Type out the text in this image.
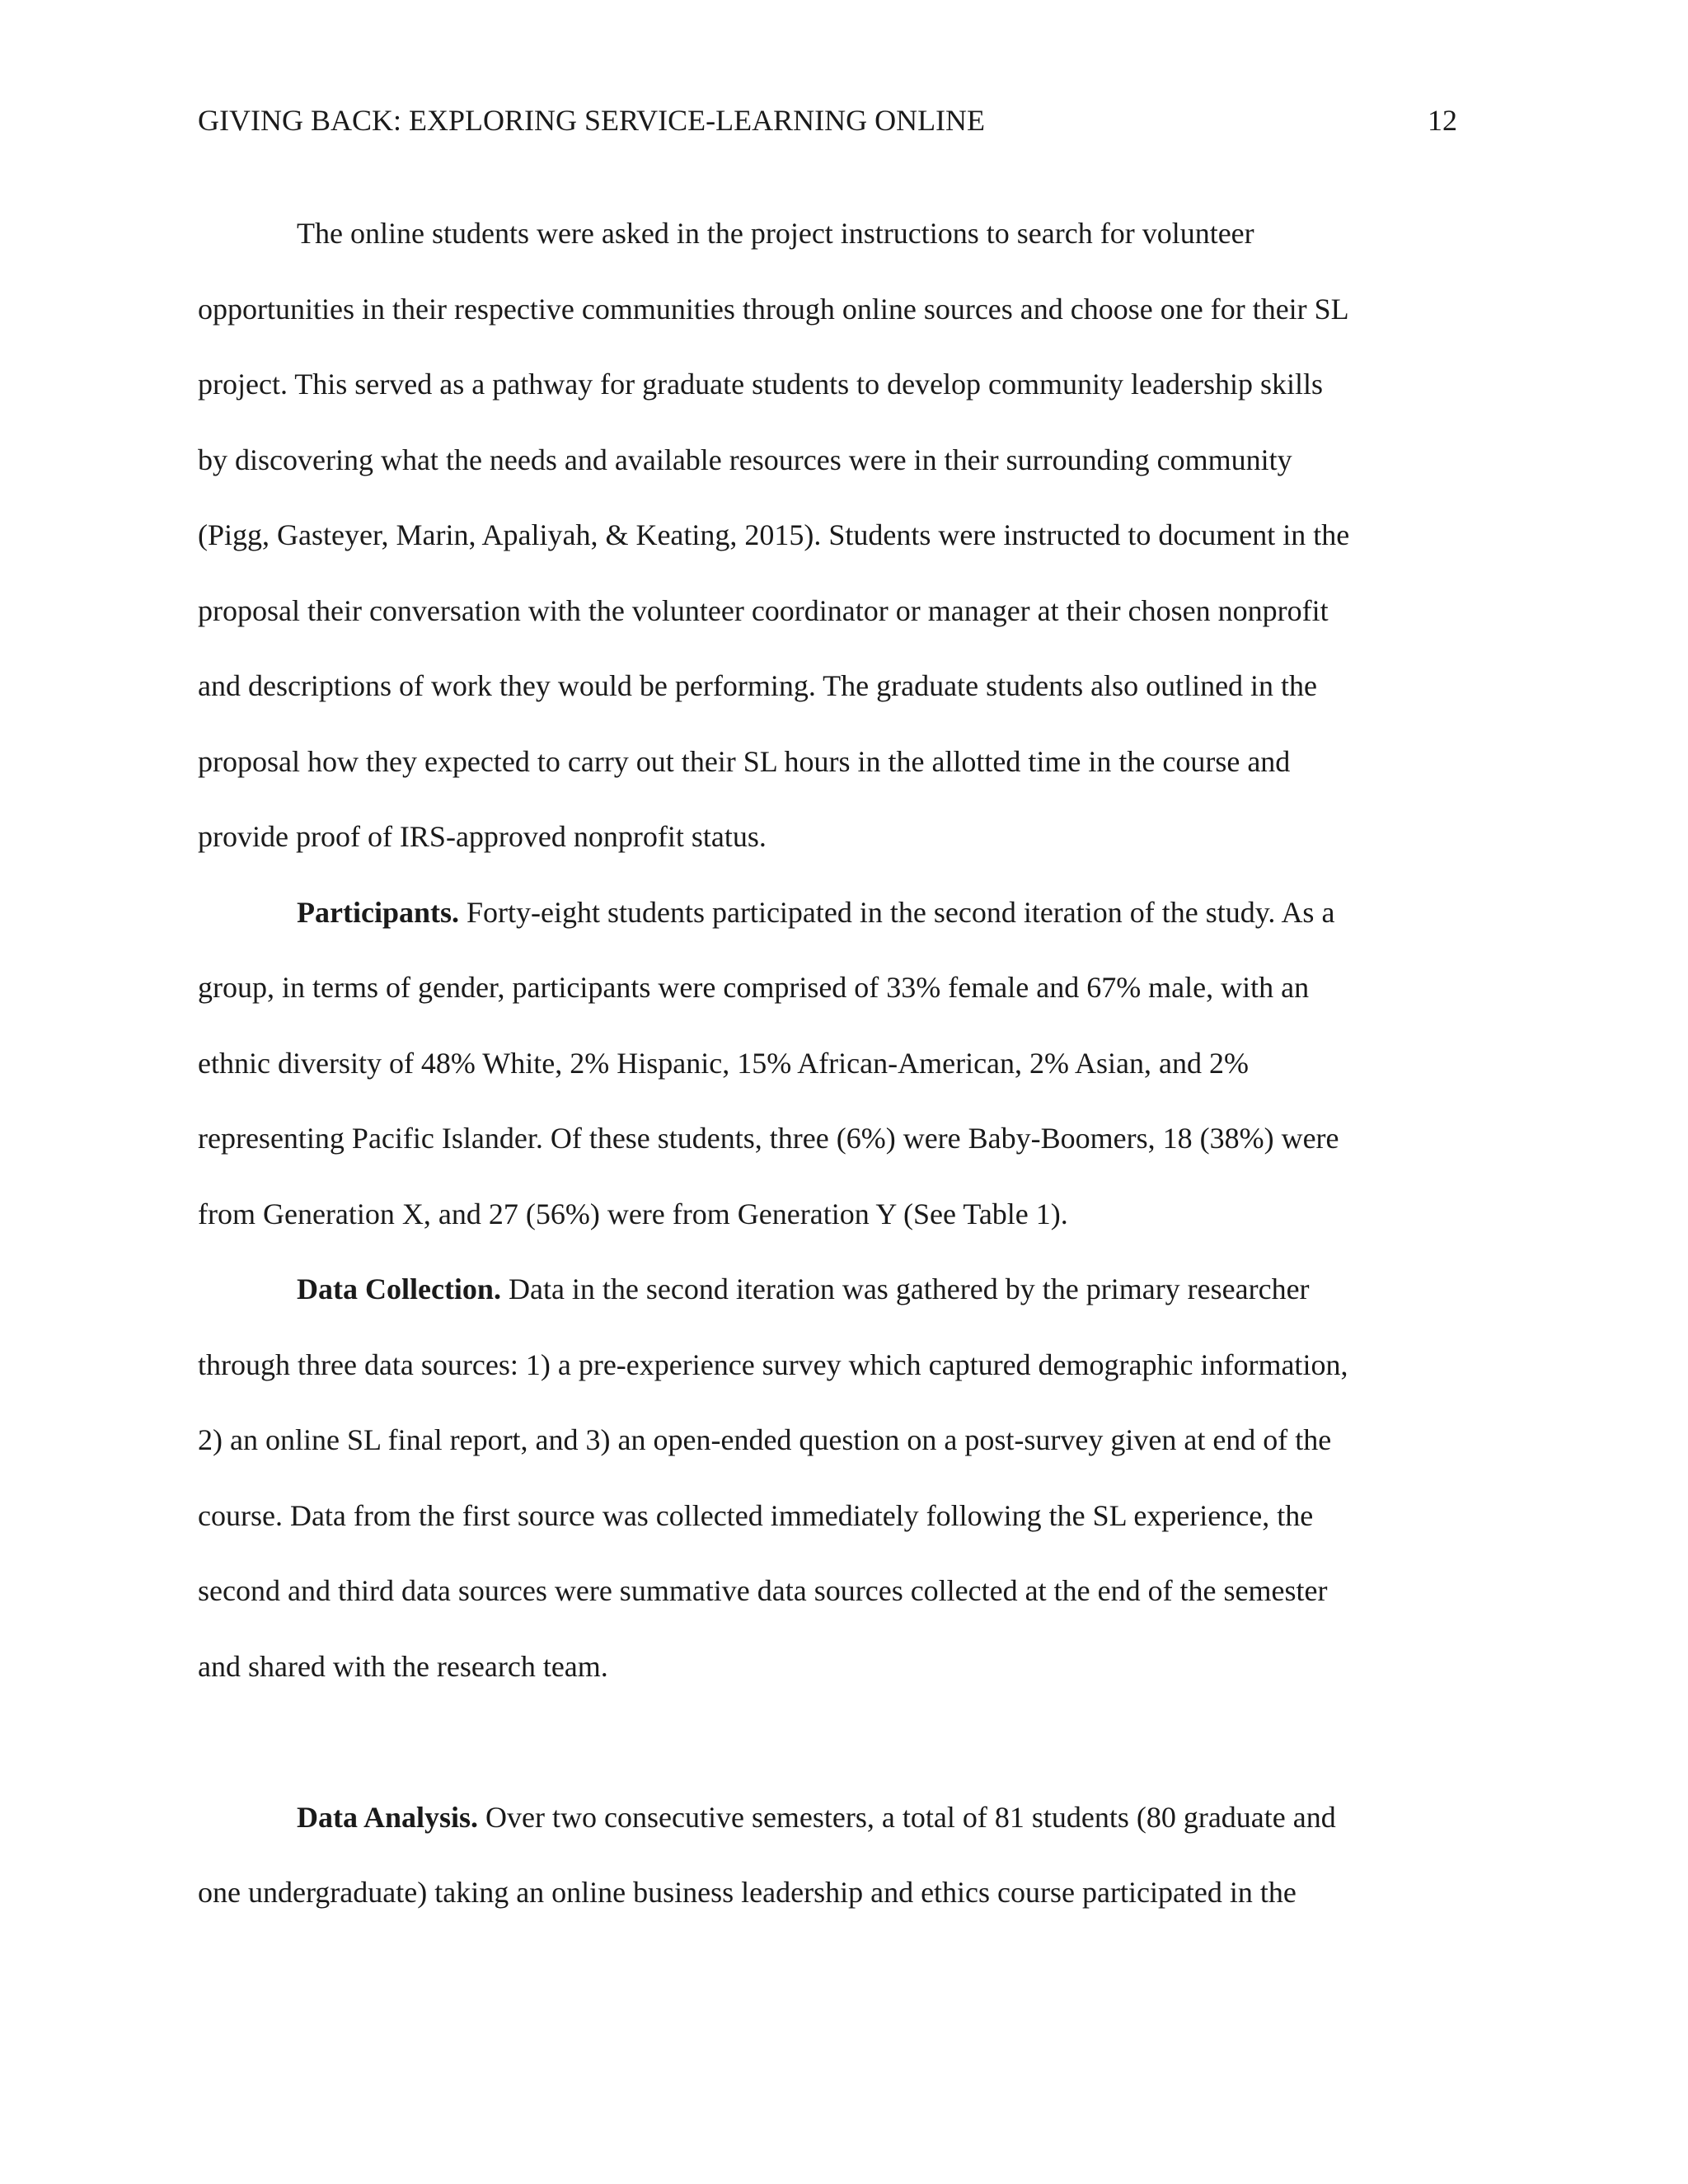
GIVING BACK: EXPLORING SERVICE-LEARNING ONLINE	12

The online students were asked in the project instructions to search for volunteer
opportunities in their respective communities through online sources and choose one for their SL
project. This served as a pathway for graduate students to develop community leadership skills
by discovering what the needs and available resources were in their surrounding community
(Pigg, Gasteyer, Marin, Apaliyah, & Keating, 2015). Students were instructed to document in the
proposal their conversation with the volunteer coordinator or manager at their chosen nonprofit
and descriptions of work they would be performing. The graduate students also outlined in the
proposal how they expected to carry out their SL hours in the allotted time in the course and
provide proof of IRS-approved nonprofit status.

Participants. Forty-eight students participated in the second iteration of the study. As a
group, in terms of gender, participants were comprised of 33% female and 67% male, with an
ethnic diversity of 48% White, 2% Hispanic, 15% African-American, 2% Asian, and 2%
representing Pacific Islander. Of these students, three (6%) were Baby-Boomers, 18 (38%) were
from Generation X, and 27 (56%) were from Generation Y (See Table 1).

Data Collection. Data in the second iteration was gathered by the primary researcher
through three data sources: 1) a pre-experience survey which captured demographic information,
2) an online SL final report, and 3) an open-ended question on a post-survey given at end of the
course. Data from the first source was collected immediately following the SL experience, the
second and third data sources were summative data sources collected at the end of the semester
and shared with the research team.

Data Analysis. Over two consecutive semesters, a total of 81 students (80 graduate and
one undergraduate) taking an online business leadership and ethics course participated in the
